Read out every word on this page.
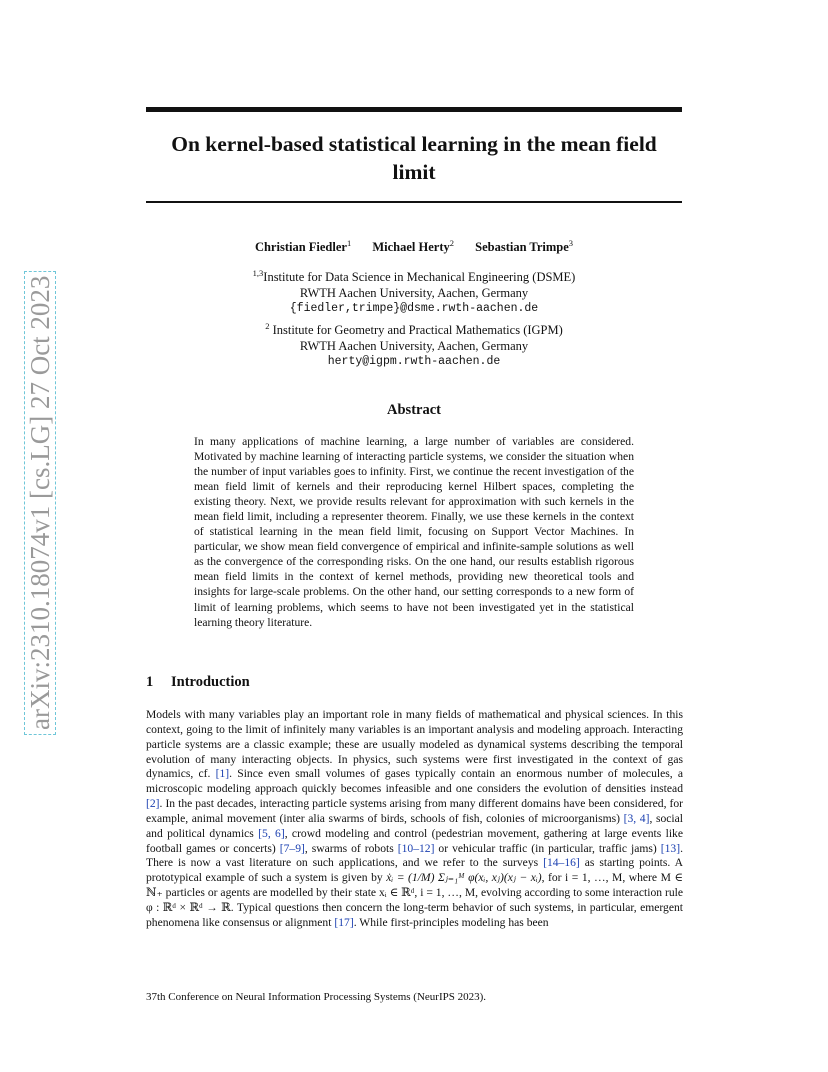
arXiv:2310.18074v1 [cs.LG] 27 Oct 2023
On kernel-based statistical learning in the mean field
limit
Christian Fiedler$^1$ Michael Herty$^2$ Sebastian Trimpe$^3$
$^{1,3}$Institute for Data Science in Mechanical Engineering (DSME)
RWTH Aachen University, Aachen, Germany
{fiedler,trimpe}@dsme.rwth-aachen.de
$^2$ Institute for Geometry and Practical Mathematics (IGPM)
RWTH Aachen University, Aachen, Germany
herty@igpm.rwth-aachen.de
Abstract
In many applications of machine learning, a large number of variables are considered. Motivated by machine learning of interacting particle systems, we consider the situation when the number of input variables goes to infinity. First, we continue the recent investigation of the mean field limit of kernels and their reproducing kernel Hilbert spaces, completing the existing theory. Next, we provide results relevant for approximation with such kernels in the mean field limit, including a representer theorem. Finally, we use these kernels in the context of statistical learning in the mean field limit, focusing on Support Vector Machines. In particular, we show mean field convergence of empirical and infinite-sample solutions as well as the convergence of the corresponding risks. On the one hand, our results establish rigorous mean field limits in the context of kernel methods, providing new theoretical tools and insights for large-scale problems. On the other hand, our setting corresponds to a new form of limit of learning problems, which seems to have not been investigated yet in the statistical learning theory literature.
1 Introduction
Models with many variables play an important role in many fields of mathematical and physical sciences. In this context, going to the limit of infinitely many variables is an important analysis and modeling approach. Interacting particle systems are a classic example; these are usually modeled as dynamical systems describing the temporal evolution of many interacting objects. In physics, such systems were first investigated in the context of gas dynamics, cf. [1]. Since even small volumes of gases typically contain an enormous number of molecules, a microscopic modeling approach quickly becomes infeasible and one considers the evolution of densities instead [2]. In the past decades, interacting particle systems arising from many different domains have been considered, for example, animal movement (inter alia swarms of birds, schools of fish, colonies of microorganisms) [3, 4], social and political dynamics [5, 6], crowd modeling and control (pedestrian movement, gathering at large events like football games or concerts) [7–9], swarms of robots [10–12] or vehicular traffic (in particular, traffic jams) [13]. There is now a vast literature on such applications, and we refer to the surveys [14–16] as starting points. A prototypical example of such a system is given by ẋᵢ = (1/M) Σⱼ₌₁ᴹ φ(xᵢ, xⱼ)(xⱼ − xᵢ), for i = 1, …, M, where M ∈ ℕ₊ particles or agents are modelled by their state xᵢ ∈ ℝᵈ, i = 1, …, M, evolving according to some interaction rule φ : ℝᵈ × ℝᵈ → ℝ. Typical questions then concern the long-term behavior of such systems, in particular, emergent phenomena like consensus or alignment [17]. While first-principles modeling has been
37th Conference on Neural Information Processing Systems (NeurIPS 2023).
